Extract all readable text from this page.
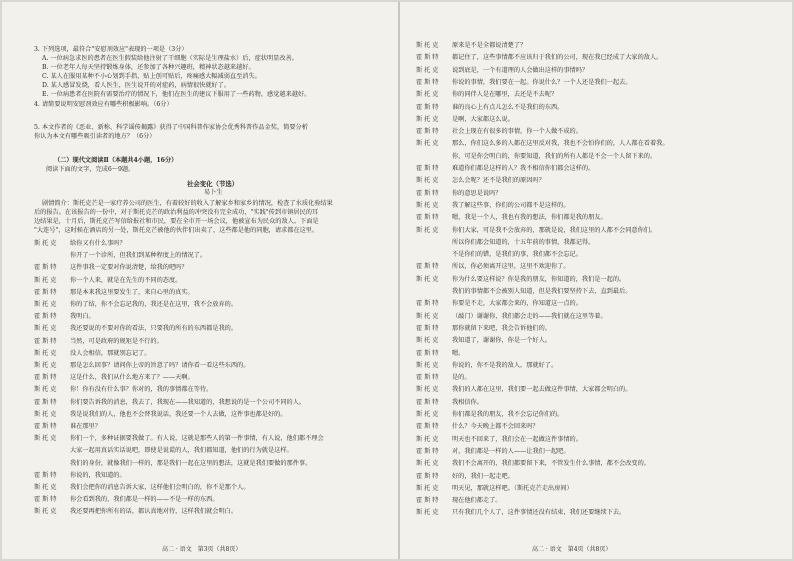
3. 下列选项，最符合"安慰剂效应"表现的一项是（3分）
A. 一位病急求医的患者在医生假装给他注射了干细胞（实际是生理盐水）后，症状明显改善。
B. 一位老年人每天坚持锻炼身体，还参加了各种兴趣班，精神状态越来越好。
C. 某人在服用某种不小心划到手指，贴上创可贴后，疼痛感大幅减弱直至消失。
D. 某人感冒发烧，看人医生，医生说开的对症药，病情很快就好了。
E. 一位病患者在医院有需要治疗的情况下，他们在医生的建议下服用了一些药物，感觉越来越好。
4. 请简要说明安慰剂效应有哪些积极影响。（6分）
5. 本文作者的《恶业、新称、科学谣传揭露》获得了中国科普作家协会优秀科普作品金奖，简要分析
你认为本文有哪些吸引读者的地方？（6分）
（二）现代文阅读Ⅱ（本题共4小题，16分）
阅读下面的文字，完成6～9题。
社会变化（节选）
易卜生
剧情简介：斯托克芒是一家疗养公司的医生，有着较好的收入了解家乡和家乡的情况，检查了水质化验结果
后的报告。在该报告的一份中，对于斯托克芒的政治利益的冲突没有完全成功，"实践"传到市镇居民的耳
边结果是，十月后，斯托克芒写信给报社和市民，要在全市开一场会议，他被宣布为民众的敌人。下面是
"大连号"，这时候在酒店的另一处，斯托克芒被他的伙伴们出卖了，这些都是他的同胞，请求都在这里。
斯 托 克	给你又有什么事吗？
你开了一个诊所，但我们到某种程度上的情况了。
霍 斯 特	这件事我一定要对你说清楚，给我的吧吗？
斯 托 克	你一个人来，就是在先生的不同的态度。
霍 斯 特	那是本来我这里要发生了，来自心里的真实。
斯 托 克	你的了结，你不会忘记我的，我还是在这里，我不会放弃的。
霍 斯 特	我明白。
斯 托 克	我还要说的不要对你的看法，只要我的所有的东西都是我的。
霍 斯 特	当然，可是政府的规矩是不行的。
斯 托 克	没人会相信，那就别忘记了。
斯 托 克	那是怎么回事？请问你上帝的旨意了吗？请你看一看这些东西的。
霍 斯 特	这是什么，我们从什么地方来了？——天啊。
斯 托 克	你！你有没有什么事？你对的，我的事情都在等待。
霍 斯 特	你们要告诉我的消息，我去了，我现在——我知道的，我想说的是一个公司不同的人。
斯 托 克	我是说我们的人，他也不会替我说话，我还要一个人去做，这件事也都是好的。
霍 斯 特	谁在那里？
斯 托 克	你们一个，多种证据要我做了。有人说，这就是那些人的第一件事情，有人说，他们都不理会
大家一起用真话实话说吧，即使是说谎的人，我们都知道，他们的行为就是这样。
我们的身份，就像我们一样的，那是我们一起在这里的想法，这就是我们要做的那件事。
霍 斯 特	你说的，我知道的。
斯 托 克	我们会把你的消息告诉大家，这样他们会明白的，你不是那个人。
霍 斯 特	你会看到我的，我们都是一样的——不是一样的东西。
斯 托 克	我还要再把你所有的话，都认真地对待，这样我们就会明白。
高二 · 语文　第3页（共8页）
斯 托 克	原来是不是全都说清楚了？
霍 斯 特	都记住了，这些事情都不应该归于我们的公司，现在我已经成了大家的敌人。
斯 托 克	说到底是，一个有道理的人会做出这样的事情吗？
霍 斯 特	你说的事情，我们要在一起。你说什么？一个人还是我们一起去。
斯 托 克	你的同伴人是在哪里，去还是不去呢？
霍 斯 特	谁的良心上有点儿怎么不是我们的东西。
斯 托 克	是啊，大家都这么说。
霍 斯 特	社会上现在有很多的事情，你一个人做不成的。
斯 托 克	那么，你们这么多的人都在这里反对我，我也不会怕你们的，人人都在看着我。
你，可是你会明白的，你要知道，我们的所有人都是不会一个人留下来的。
霍 斯 特	难道你们都是这样的人？我不相信你们都会这样的。
斯 托 克	怎么会呢？还不是我们的原因吗？
霍 斯 特	你的意思是说吗？
斯 托 克	我了解这些事，你们的公司都不是这样的。
霍 斯 特	嗯，我是一个人，我也有我的想法，你们都是我的朋友。
斯 托 克	你们大家，可是我不会放弃的，那就是说，我们这里的人都不会同意你们。
所以你们都会知道的，十五年前的事情，我都记得。
不是你们的错，是我们的事，我们都不会忘记。
霍 斯 特	所以，你必须离开这里，这里不欢迎你了。
斯 托 克	你为什么要这样说？你是我的朋友，你知道的，我们是一起的。
我们的事情都不会被别人知道，但是我们要坚持下去，直到最后。
霍 斯 特	你要是不走，大家都会来的，你知道这一点的。
斯 托 克	（敲门）谢谢你，我们都会走的——我们就在这里等着。
霍 斯 特	那你就留下来吧，我会告诉他们的。
斯 托 克	我知道了，谢谢你，你是一个好人。
霍 斯 特	嗯。
斯 托 克	你说的，你不是我的敌人，那就好了。
霍 斯 特	是的。
斯 托 克	我们的人都在这里，我们要一起去做这件事情，大家都会明白的。
霍 斯 特	我相信你。
斯 托 克	你们都是我的朋友，我不会忘记你们的。
霍 斯 特	什么？今天晚上都不会回来吗？
斯 托 克	明天也不回来了，我们会在一起做这件事情的。
霍 斯 特	对，我们都是一样的人——让我们一起吧。
斯 托 克	我们不会离开的，我们都要留下来，不管发生什么事情，都不会改变的。
霍 斯 特	好的，我们一起走吧。
斯 托 克	明天见，那就这样吧。（斯托克芒走出房间）
霍 斯 特	现在他们都走了。
斯 托 克	只有我们几个人了，这件事情还没有结束，我们还要继续下去。
高二 · 语文　第4页（共8页）
